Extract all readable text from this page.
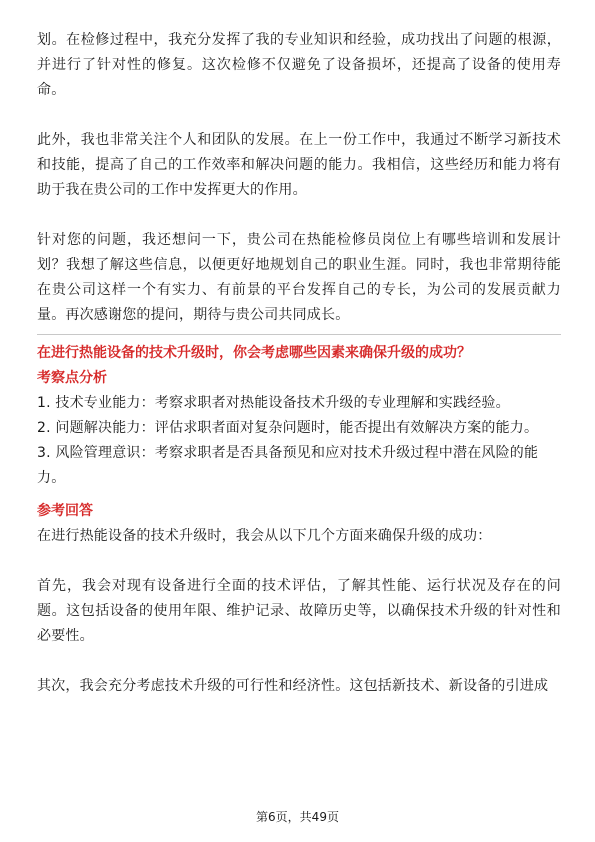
划。在检修过程中，我充分发挥了我的专业知识和经验，成功找出了问题的根源，并进行了针对性的修复。这次检修不仅避免了设备损坏，还提高了设备的使用寿命。

此外，我也非常关注个人和团队的发展。在上一份工作中，我通过不断学习新技术和技能，提高了自己的工作效率和解决问题的能力。我相信，这些经历和能力将有助于我在贵公司的工作中发挥更大的作用。

针对您的问题，我还想问一下，贵公司在热能检修员岗位上有哪些培训和发展计划？我想了解这些信息，以便更好地规划自己的职业生涯。同时，我也非常期待能在贵公司这样一个有实力、有前景的平台发挥自己的专长，为公司的发展贡献力量。再次感谢您的提问，期待与贵公司共同成长。

在进行热能设备的技术升级时，你会考虑哪些因素来确保升级的成功？

考察点分析

1. 技术专业能力：考察求职者对热能设备技术升级的专业理解和实践经验。

2. 问题解决能力：评估求职者面对复杂问题时，能否提出有效解决方案的能力。

3. 风险管理意识：考察求职者是否具备预见和应对技术升级过程中潜在风险的能力。

参考回答

在进行热能设备的技术升级时，我会从以下几个方面来确保升级的成功：

首先，我会对现有设备进行全面的技术评估，了解其性能、运行状况及存在的问题。这包括设备的使用年限、维护记录、故障历史等，以确保技术升级的针对性和必要性。

其次，我会充分考虑技术升级的可行性和经济性。这包括新技术、新设备的引进成

第6页，共49页
